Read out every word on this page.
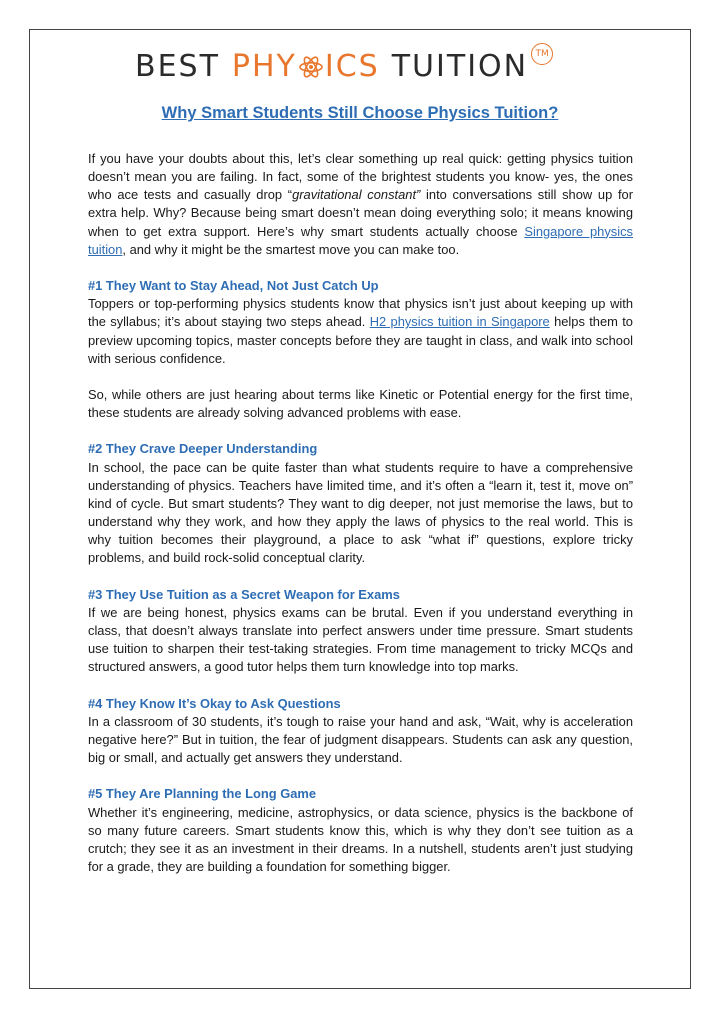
BEST PHY ICS TUITION TM
Why Smart Students Still Choose Physics Tuition?

If you have your doubts about this, let’s clear something up real quick: getting physics tuition doesn’t mean you are failing. In fact, some of the brightest students you know- yes, the ones who ace tests and casually drop “gravitational constant” into conversations still show up for extra help. Why? Because being smart doesn’t mean doing everything solo; it means knowing when to get extra support. Here’s why smart students actually choose Singapore physics tuition, and why it might be the smartest move you can make too.

#1 They Want to Stay Ahead, Not Just Catch Up

Toppers or top-performing physics students know that physics isn’t just about keeping up with the syllabus; it’s about staying two steps ahead. H2 physics tuition in Singapore helps them to preview upcoming topics, master concepts before they are taught in class, and walk into school with serious confidence.

So, while others are just hearing about terms like Kinetic or Potential energy for the first time, these students are already solving advanced problems with ease.

#2 They Crave Deeper Understanding

In school, the pace can be quite faster than what students require to have a comprehensive understanding of physics. Teachers have limited time, and it’s often a “learn it, test it, move on” kind of cycle. But smart students? They want to dig deeper, not just memorise the laws, but to understand why they work, and how they apply the laws of physics to the real world. This is why tuition becomes their playground, a place to ask “what if” questions, explore tricky problems, and build rock-solid conceptual clarity.

#3 They Use Tuition as a Secret Weapon for Exams

If we are being honest, physics exams can be brutal. Even if you understand everything in class, that doesn’t always translate into perfect answers under time pressure. Smart students use tuition to sharpen their test-taking strategies. From time management to tricky MCQs and structured answers, a good tutor helps them turn knowledge into top marks.

#4 They Know It’s Okay to Ask Questions

In a classroom of 30 students, it’s tough to raise your hand and ask, “Wait, why is acceleration negative here?” But in tuition, the fear of judgment disappears. Students can ask any question, big or small, and actually get answers they understand.

#5 They Are Planning the Long Game

Whether it’s engineering, medicine, astrophysics, or data science, physics is the backbone of so many future careers. Smart students know this, which is why they don’t see tuition as a crutch; they see it as an investment in their dreams. In a nutshell, students aren’t just studying for a grade, they are building a foundation for something bigger.
